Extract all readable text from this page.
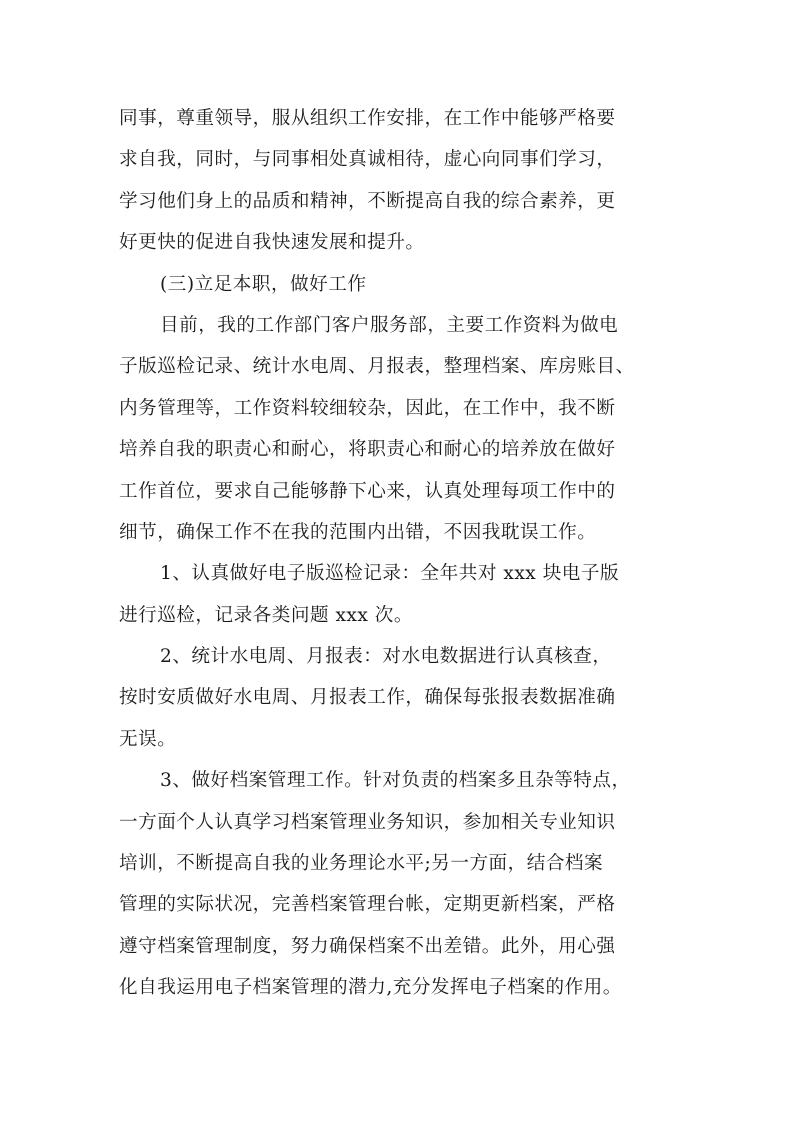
同事，尊重领导，服从组织工作安排，在工作中能够严格要
求自我，同时，与同事相处真诚相待，虚心向同事们学习，
学习他们身上的品质和精神，不断提高自我的综合素养，更
好更快的促进自我快速发展和提升。
(三)立足本职，做好工作
目前，我的工作部门客户服务部，主要工作资料为做电
子版巡检记录、统计水电周、月报表，整理档案、库房账目、
内务管理等，工作资料较细较杂，因此，在工作中，我不断
培养自我的职责心和耐心，将职责心和耐心的培养放在做好
工作首位，要求自己能够静下心来，认真处理每项工作中的
细节，确保工作不在我的范围内出错，不因我耽误工作。
1、认真做好电子版巡检记录：全年共对 xxx 块电子版
进行巡检，记录各类问题 xxx 次。
2、统计水电周、月报表：对水电数据进行认真核查，
按时安质做好水电周、月报表工作，确保每张报表数据准确
无误。
3、做好档案管理工作。针对负责的档案多且杂等特点，
一方面个人认真学习档案管理业务知识，参加相关专业知识
培训，不断提高自我的业务理论水平;另一方面，结合档案
管理的实际状况，完善档案管理台帐，定期更新档案，严格
遵守档案管理制度，努力确保档案不出差错。此外，用心强
化自我运用电子档案管理的潜力,充分发挥电子档案的作用。
